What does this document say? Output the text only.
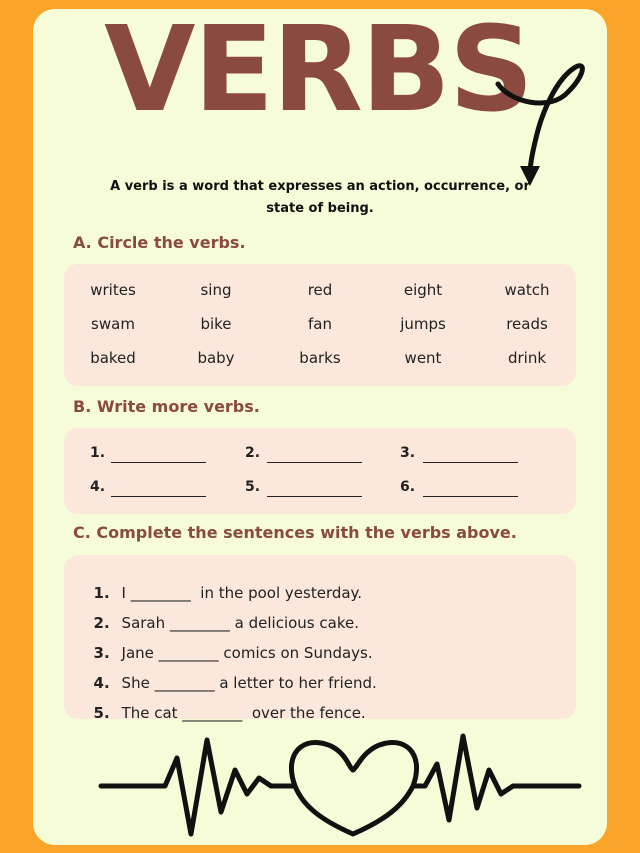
VERBS
A verb is a word that expresses an action, occurrence, or state of being.
A. Circle the verbs.
writes	sing	red	eight	watch
swam	bike	fan	jumps	reads
baked	baby	barks	went	drink
B. Write more verbs.
1.	2.	3.
4.	5.	6.
C. Complete the sentences with the verbs above.

1. I ________  in the pool yesterday.

2. Sarah ________ a delicious cake.

3. Jane ________ comics on Sundays.

4. She ________ a letter to her friend.

5. The cat ________  over the fence.
